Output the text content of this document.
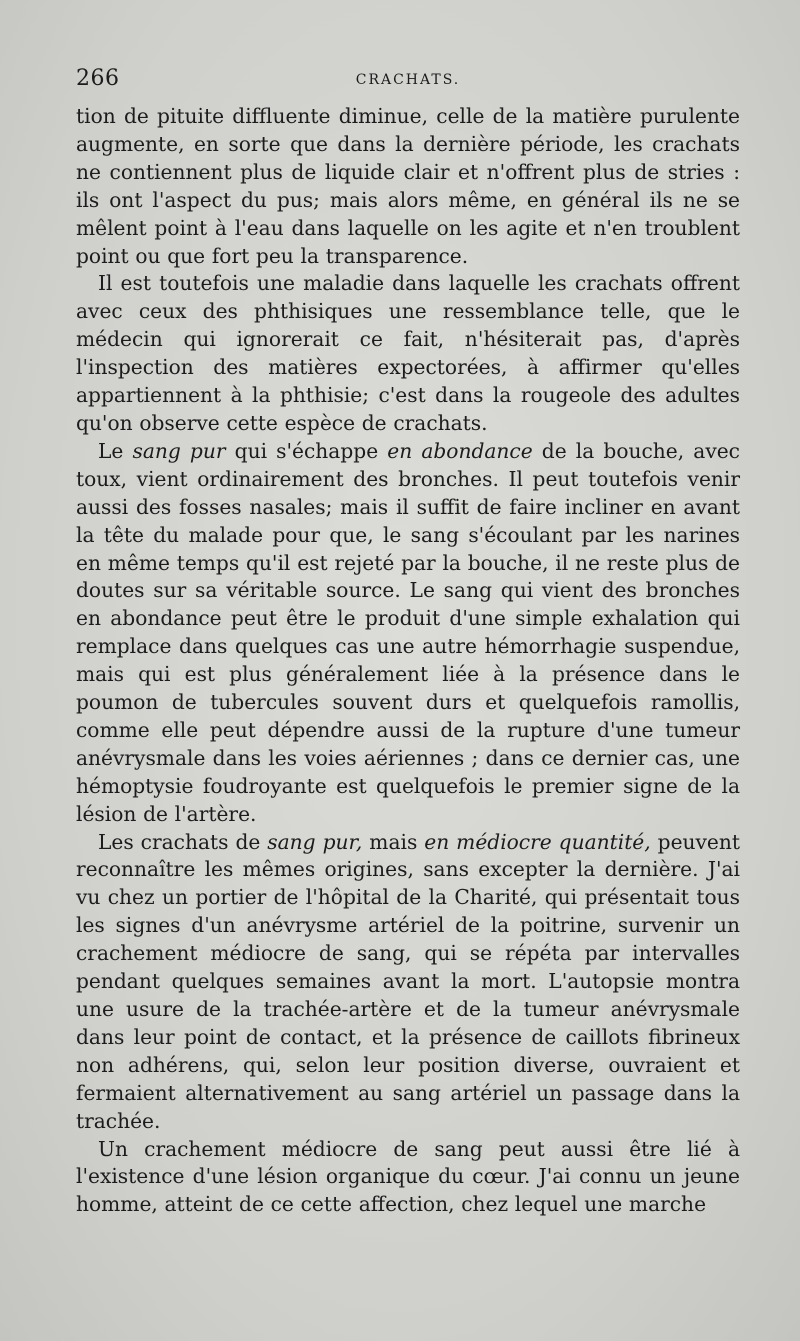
266	CRACHATS.

tion de pituite diffluente diminue, celle de la matière purulente augmente, en sorte que dans la dernière période, les crachats ne contiennent plus de liquide clair et n'offrent plus de stries : ils ont l'aspect du pus; mais alors même, en général ils ne se mêlent point à l'eau dans laquelle on les agite et n'en troublent point ou que fort peu la transparence.

Il est toutefois une maladie dans laquelle les crachats offrent avec ceux des phthisiques une ressemblance telle, que le médecin qui ignorerait ce fait, n'hésiterait pas, d'après l'inspection des matières expectorées, à affirmer qu'elles appartiennent à la phthisie; c'est dans la rougeole des adultes qu'on observe cette espèce de crachats.

Le sang pur qui s'échappe en abondance de la bouche, avec toux, vient ordinairement des bronches. Il peut toutefois venir aussi des fosses nasales; mais il suffit de faire incliner en avant la tête du malade pour que, le sang s'écoulant par les narines en même temps qu'il est rejeté par la bouche, il ne reste plus de doutes sur sa véritable source. Le sang qui vient des bronches en abondance peut être le produit d'une simple exhalation qui remplace dans quelques cas une autre hémorrhagie suspendue, mais qui est plus généralement liée à la présence dans le poumon de tubercules souvent durs et quelquefois ramollis, comme elle peut dépendre aussi de la rupture d'une tumeur anévrysmale dans les voies aériennes ; dans ce dernier cas, une hémoptysie foudroyante est quelquefois le premier signe de la lésion de l'artère.

Les crachats de sang pur, mais en médiocre quantité, peuvent reconnaître les mêmes origines, sans excepter la dernière. J'ai vu chez un portier de l'hôpital de la Charité, qui présentait tous les signes d'un anévrysme artériel de la poitrine, survenir un crachement médiocre de sang, qui se répéta par intervalles pendant quelques semaines avant la mort. L'autopsie montra une usure de la trachée-artère et de la tumeur anévrysmale dans leur point de contact, et la présence de caillots fibrineux non adhérens, qui, selon leur position diverse, ouvraient et fermaient alternativement au sang artériel un passage dans la trachée.

Un crachement médiocre de sang peut aussi être lié à l'existence d'une lésion organique du cœur. J'ai connu un jeune homme, atteint de ce cette affection, chez lequel une marche
